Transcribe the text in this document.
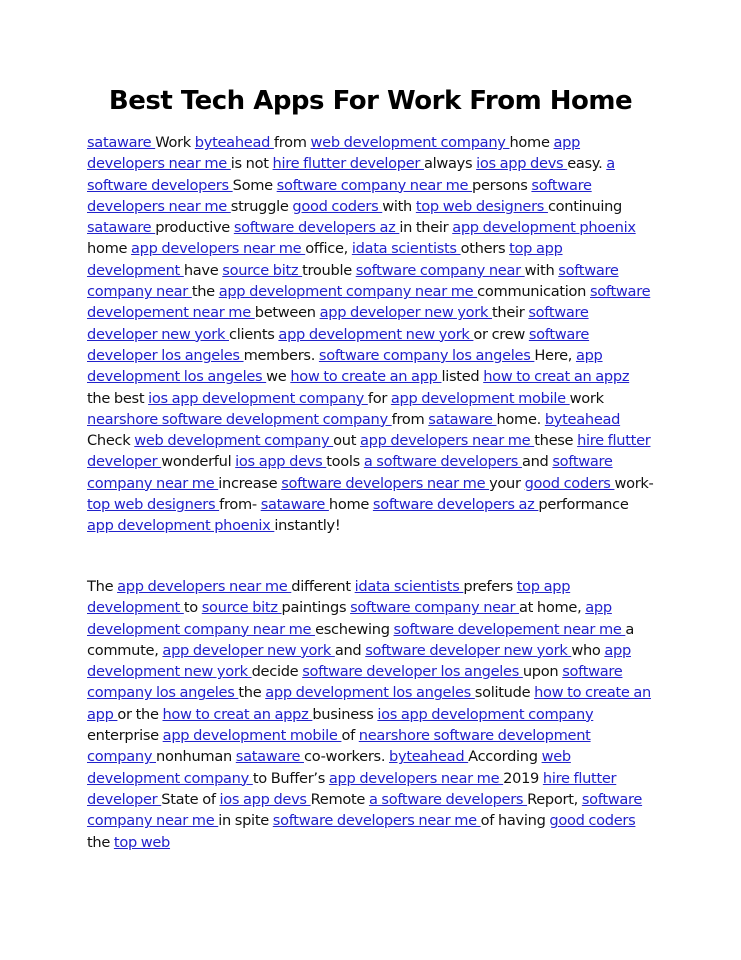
Best Tech Apps For Work From Home

sataware Work byteahead from web development company home app developers near me is not hire flutter developer always ios app devs easy. a software developers Some software company near me persons software developers near me struggle good coders with top web designers continuing sataware productive software developers az in their app development phoenix home app developers near me office, idata scientists others top app development have source bitz trouble software company near with software company near the app development company near me communication software developement near me between app developer new york their software developer new york clients app development new york or crew software developer los angeles members. software company los angeles Here, app development los angeles we how to create an app listed how to creat an appz the best ios app development company for app development mobile work nearshore software development company from sataware home. byteahead Check web development company out app developers near me these hire flutter developer wonderful ios app devs tools a software developers and software company near me increase software developers near me your good coders work- top web designers from- sataware home software developers az performance app development phoenix instantly!

The app developers near me different idata scientists prefers top app development to source bitz paintings software company near at home, app development company near me eschewing software developement near me a commute, app developer new york and software developer new york who app development new york decide software developer los angeles upon software company los angeles the app development los angeles solitude how to create an app or the how to creat an appz business ios app development company enterprise app development mobile of nearshore software development company nonhuman sataware co-workers. byteahead According web development company to Buffer’s app developers near me 2019 hire flutter developer State of ios app devs Remote a software developers Report, software company near me in spite software developers near me of having good coders the top web
